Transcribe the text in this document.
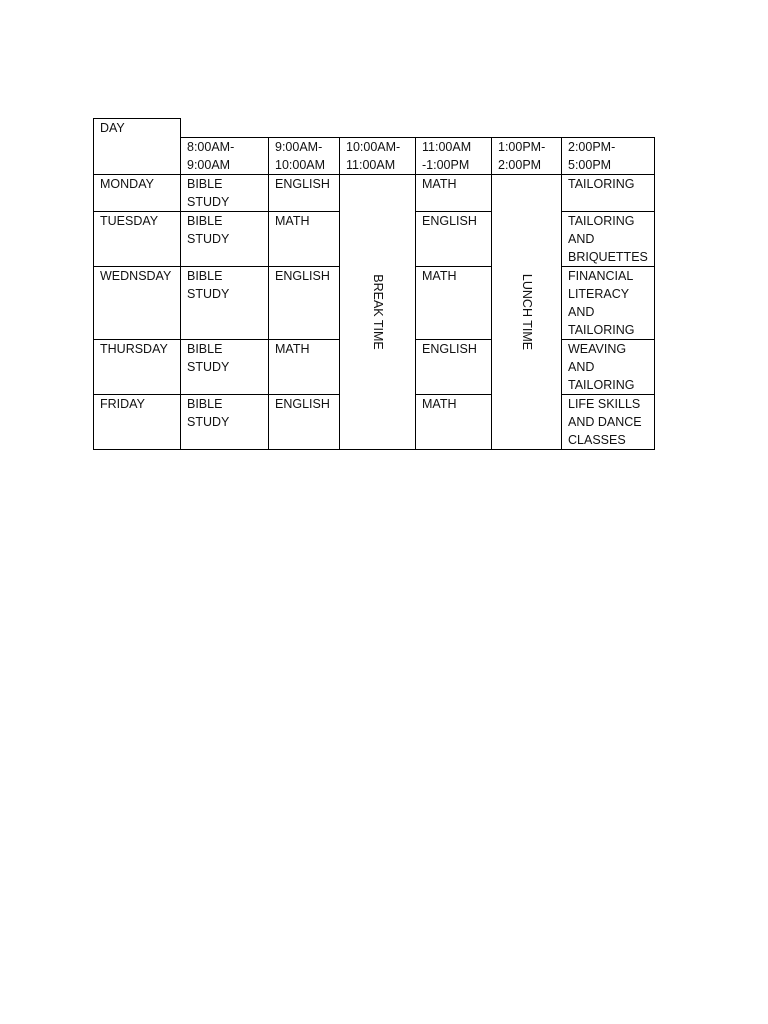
DAY						
	8:00AM-9:00AM	9:00AM-10:00AM	10:00AM-11:00AM	11:00AM -1:00PM	1:00PM-2:00PM	2:00PM-5:00PM
MONDAY	BIBLE STUDY	ENGLISH	BREAK TIME	MATH	LUNCH TIME	TAILORING
TUESDAY	BIBLE STUDY	MATH		ENGLISH		TAILORING AND BRIQUETTES
WEDNSDAY	BIBLE STUDY	ENGLISH		MATH		FINANCIAL LITERACY AND TAILORING
THURSDAY	BIBLE STUDY	MATH		ENGLISH		WEAVING AND TAILORING
FRIDAY	BIBLE STUDY	ENGLISH		MATH		LIFE SKILLS AND DANCE CLASSES
